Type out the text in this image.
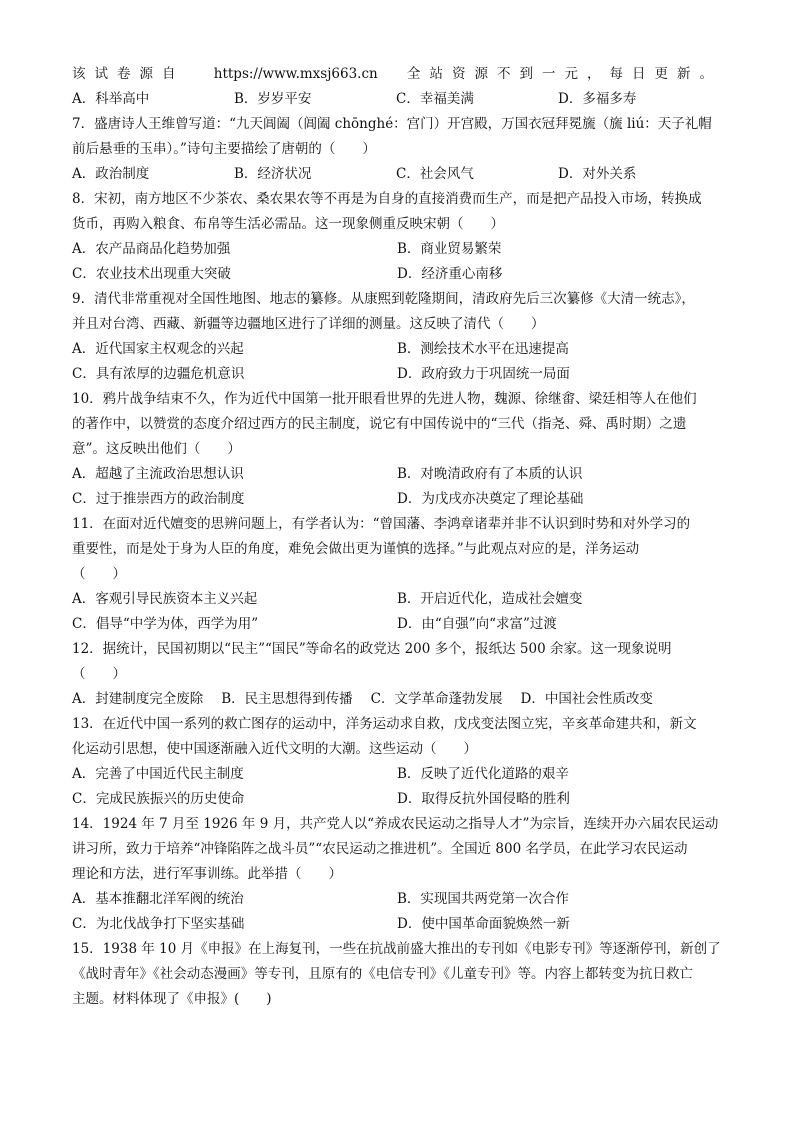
该试卷源自 https://www.mxsj663.cn 全站资源不到一元，每日更新。
A．科举高中	B．岁岁平安	C．幸福美满	D．多福多寿
7．盛唐诗人王维曾写道：“九天阊阖（阊阖 chōnghé：宫门）开宫殿，万国衣冠拜冕旒（旒 liú：天子礼帽
前后悬垂的玉串）。”诗句主要描绘了唐朝的（　　）
A．政治制度	B．经济状况	C．社会风气	D．对外关系
8．宋初，南方地区不少茶农、桑农果农等不再是为自身的直接消费而生产，而是把产品投入市场，转换成
货币，再购入粮食、布帛等生活必需品。这一现象侧重反映宋朝（　　）
A．农产品商品化趋势加强	B．商业贸易繁荣
C．农业技术出现重大突破	D．经济重心南移
9．清代非常重视对全国性地图、地志的纂修。从康熙到乾隆期间，清政府先后三次纂修《大清一统志》，
并且对台湾、西藏、新疆等边疆地区进行了详细的测量。这反映了清代（　　）
A．近代国家主权观念的兴起	B．测绘技术水平在迅速提高
C．具有浓厚的边疆危机意识	D．政府致力于巩固统一局面
10．鸦片战争结束不久，作为近代中国第一批开眼看世界的先进人物，魏源、徐继畬、梁廷相等人在他们
的著作中，以赞赏的态度介绍过西方的民主制度，说它有中国传说中的“三代（指尧、舜、禹时期）之遗
意”。这反映出他们（　　）
A．超越了主流政治思想认识	B．对晚清政府有了本质的认识
C．过于推崇西方的政治制度	D．为戊戌亦决奠定了理论基础
11．在面对近代嬗变的思辨问题上，有学者认为：“曾国藩、李鸿章诸辈并非不认识到时势和对外学习的
重要性，而是处于身为人臣的角度，难免会做出更为谨慎的选择。”与此观点对应的是，洋务运动
（　　）
A．客观引导民族资本主义兴起	B．开启近代化，造成社会嬗变
C．倡导“中学为体，西学为用”	D．由“自强”向“求富”过渡
12．据统计，民国初期以“民主”“国民”等命名的政党达 200 多个，报纸达 500 余家。这一现象说明
（　　）
A．封建制度完全废除 B．民主思想得到传播 C．文学革命蓬勃发展 D．中国社会性质改变
13．在近代中国一系列的救亡图存的运动中，洋务运动求自救，戊戌变法图立宪，辛亥革命建共和，新文
化运动引思想，使中国逐渐融入近代文明的大潮。这些运动（　　）
A．完善了中国近代民主制度	B．反映了近代化道路的艰辛
C．完成民族振兴的历史使命	D．取得反抗外国侵略的胜利
14．1924 年 7 月至 1926 年 9 月，共产党人以“养成农民运动之指导人才”为宗旨，连续开办六届农民运动
讲习所，致力于培养“冲锋陷阵之战斗员”“农民运动之推进机”。全国近 800 名学员，在此学习农民运动
理论和方法，进行军事训练。此举措（　　）
A．基本推翻北洋军阀的统治	B．实现国共两党第一次合作
C．为北伐战争打下坚实基础	D．使中国革命面貌焕然一新
15．1938 年 10 月《申报》在上海复刊，一些在抗战前盛大推出的专刊如《电影专刊》等逐渐停刊，新创了
《战时青年》《社会动态漫画》等专刊，且原有的《电信专刊》《儿童专刊》等。内容上都转变为抗日救亡
主题。材料体现了《申报》(　　)
